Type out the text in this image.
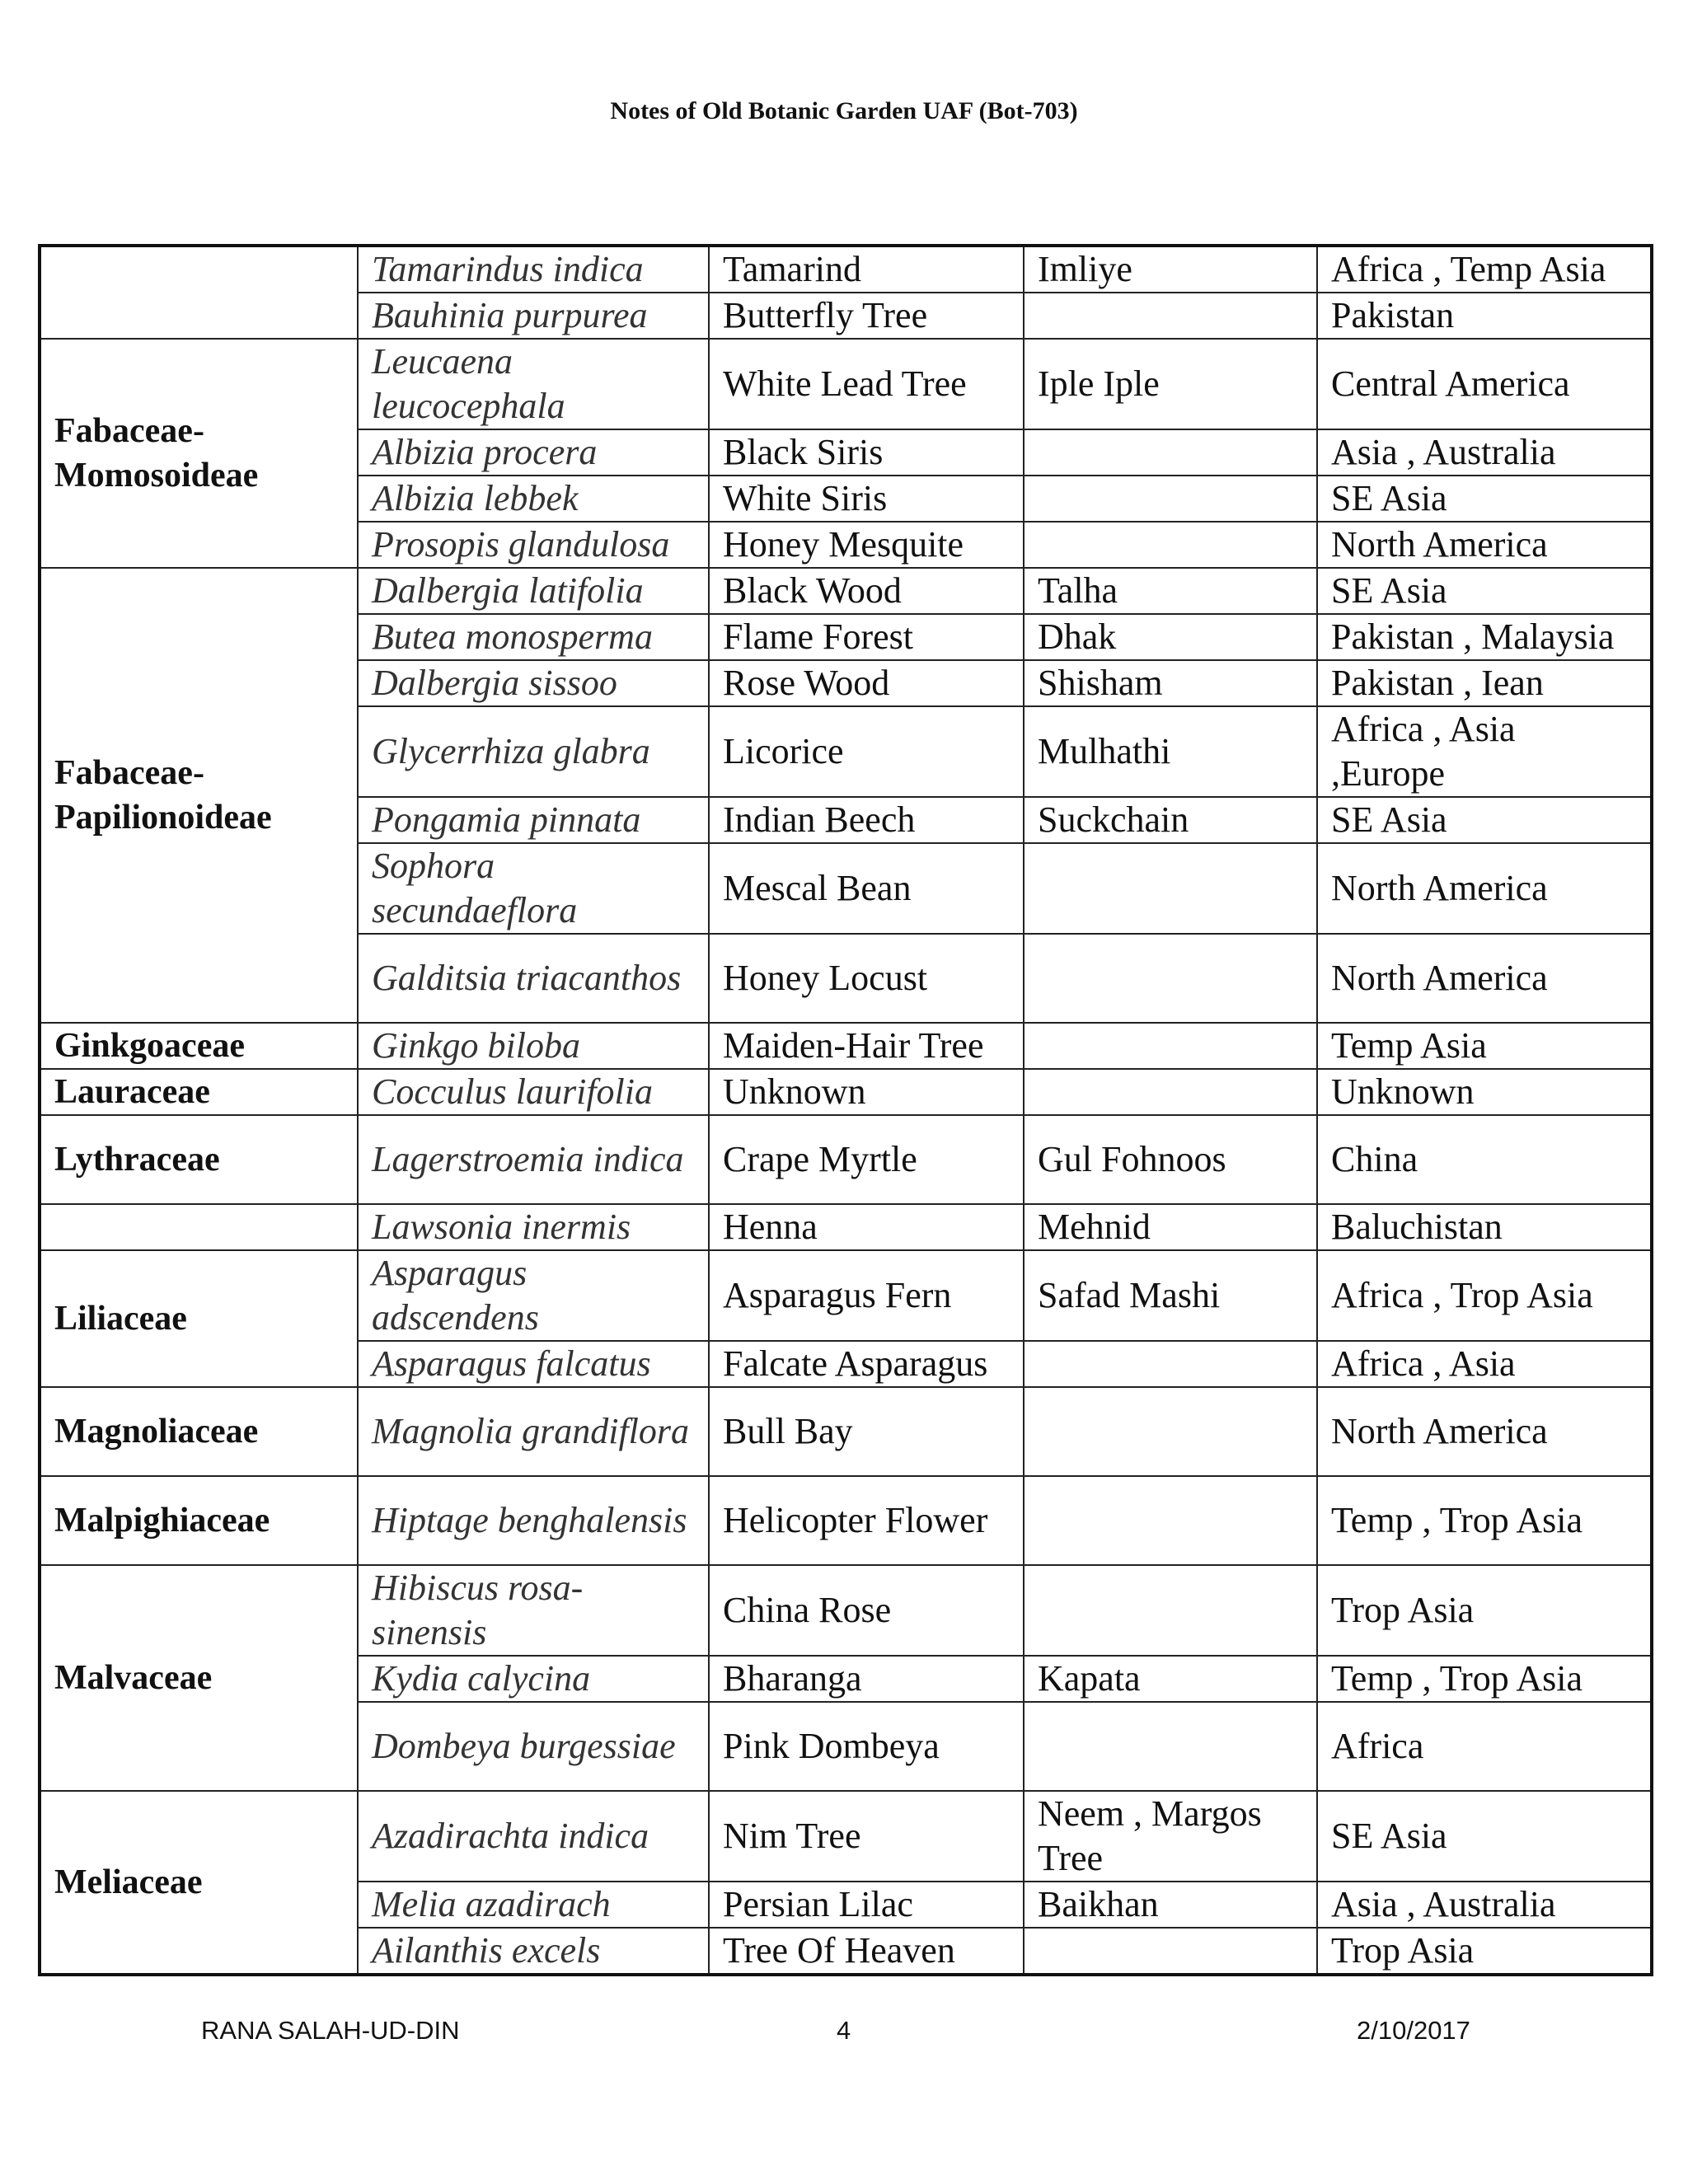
Notes of Old Botanic Garden UAF (Bot-703)
	Tamarindus indica	Tamarind	Imliye	Africa , Temp Asia
	Bauhinia purpurea	Butterfly Tree		Pakistan
Fabaceae-Momosoideae	Leucaena leucocephala	White Lead Tree	Iple Iple	Central America
	Albizia procera	Black Siris		Asia , Australia
	Albizia lebbek	White Siris		SE Asia
	Prosopis glandulosa	Honey Mesquite		North America
Fabaceae-Papilionoideae	Dalbergia latifolia	Black Wood	Talha	SE Asia
	Butea monosperma	Flame Forest	Dhak	Pakistan , Malaysia
	Dalbergia sissoo	Rose Wood	Shisham	Pakistan , Iean
	Glycerrhiza glabra	Licorice	Mulhathi	Africa , Asia ,Europe
	Pongamia pinnata	Indian Beech	Suckchain	SE Asia
	Sophora secundaeflora	Mescal Bean		North America
	Galditsia triacanthos	Honey Locust		North America
Ginkgoaceae	Ginkgo biloba	Maiden-Hair Tree		Temp Asia
Lauraceae	Cocculus laurifolia	Unknown		Unknown
Lythraceae	Lagerstroemia indica	Crape Myrtle	Gul Fohnoos	China
	Lawsonia inermis	Henna	Mehnid	Baluchistan
Liliaceae	Asparagus adscendens	Asparagus Fern	Safad Mashi	Africa , Trop Asia
	Asparagus falcatus	Falcate Asparagus		Africa , Asia
Magnoliaceae	Magnolia grandiflora	Bull Bay		North America
Malpighiaceae	Hiptage benghalensis	Helicopter Flower		Temp , Trop Asia
Malvaceae	Hibiscus rosa-sinensis	China Rose		Trop Asia
	Kydia calycina	Bharanga	Kapata	Temp , Trop Asia
	Dombeya burgessiae	Pink Dombeya		Africa
Meliaceae	Azadirachta indica	Nim Tree	Neem , Margos Tree	SE Asia
	Melia azadirach	Persian Lilac	Baikhan	Asia , Australia
	Ailanthis excels	Tree Of Heaven		Trop Asia
RANA SALAH-UD-DIN	4	2/10/2017
